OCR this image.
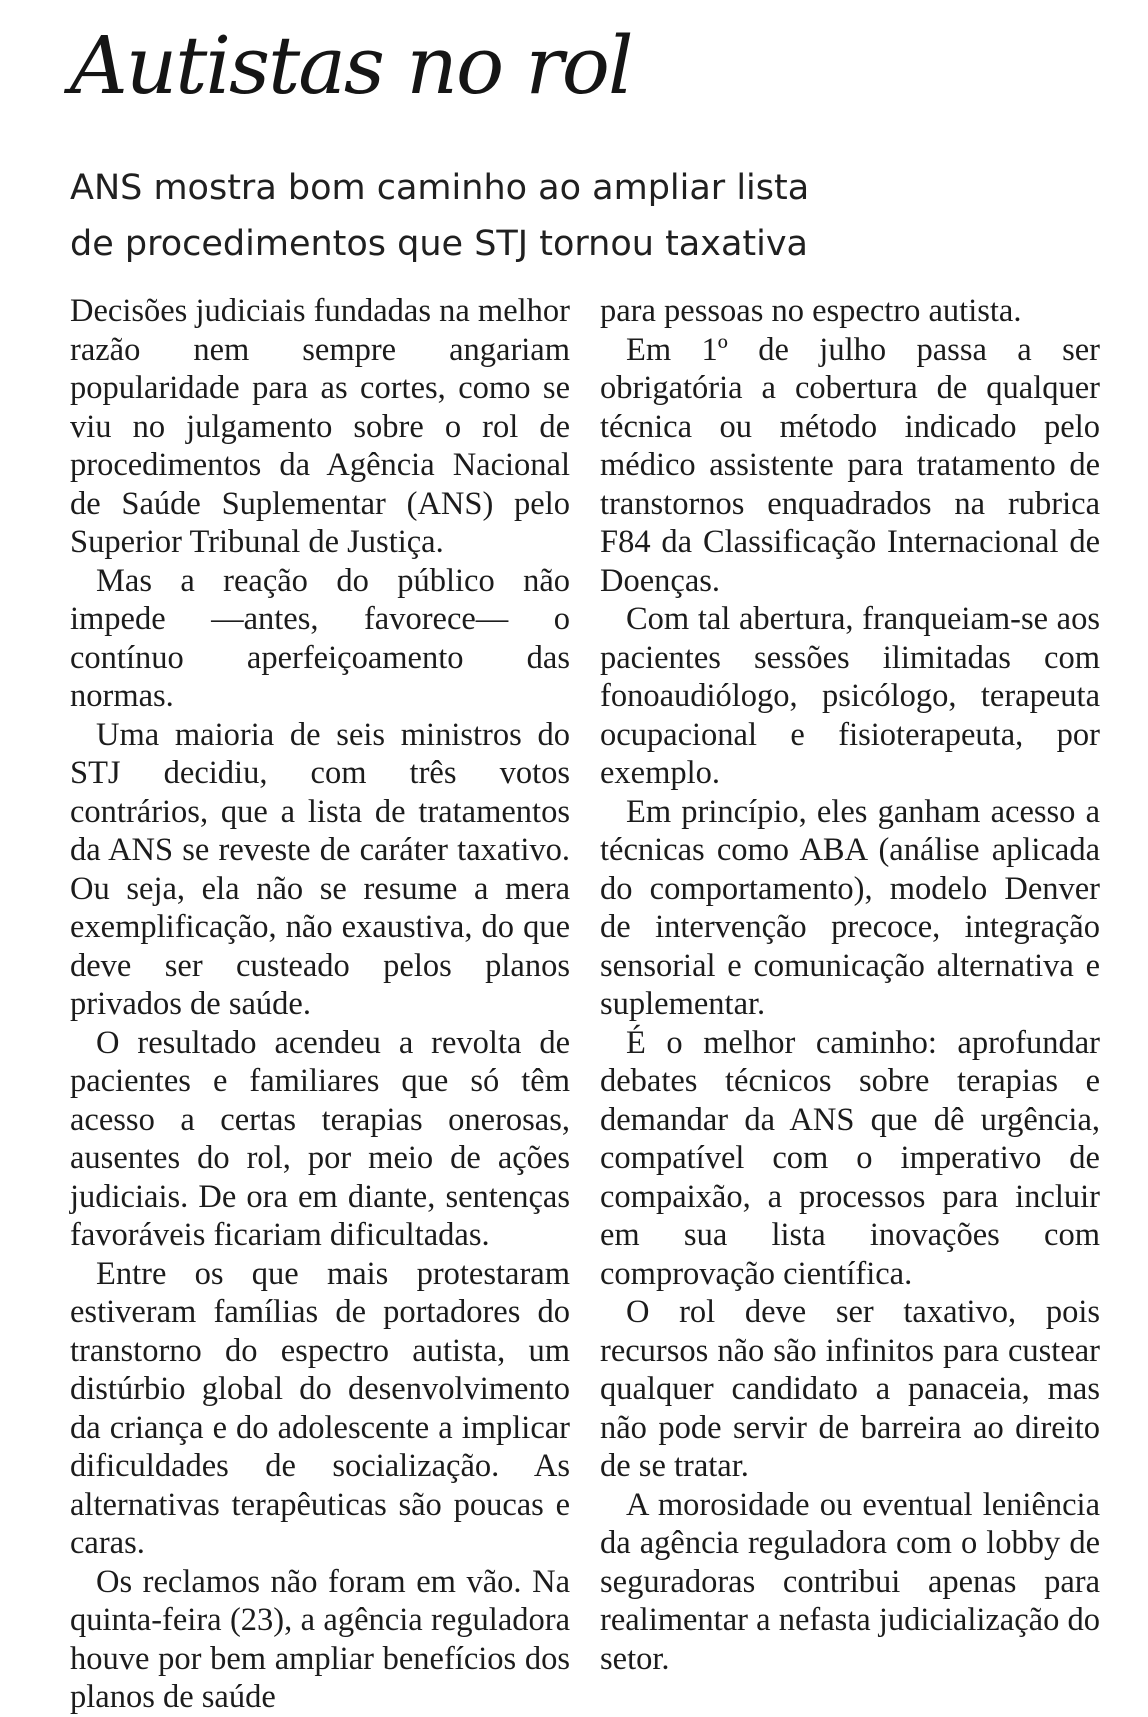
Autistas no rol
ANS mostra bom caminho ao ampliar lista
de procedimentos que STJ tornou taxativa

Decisões judiciais fundadas na melhor razão nem sempre angariam popularidade para as cortes, como se viu no julgamento sobre o rol de procedimentos da Agência Nacional de Saúde Suplementar (ANS) pelo Superior Tribunal de Justiça.

Mas a reação do público não impede —antes, favorece— o contínuo aperfeiçoamento das normas.

Uma maioria de seis ministros do STJ decidiu, com três votos contrários, que a lista de tratamentos da ANS se reveste de caráter taxativo. Ou seja, ela não se resume a mera exemplificação, não exaustiva, do que deve ser custeado pelos planos privados de saúde.

O resultado acendeu a revolta de pacientes e familiares que só têm acesso a certas terapias onerosas, ausentes do rol, por meio de ações judiciais. De ora em diante, sentenças favoráveis ficariam dificultadas.

Entre os que mais protestaram estiveram famílias de portadores do transtorno do espectro autista, um distúrbio global do desenvolvimento da criança e do adolescente a implicar dificuldades de socialização. As alternativas terapêuticas são poucas e caras.

Os reclamos não foram em vão. Na quinta-feira (23), a agência reguladora houve por bem ampliar benefícios dos planos de saúde

para pessoas no espectro autista.

Em 1º de julho passa a ser obrigatória a cobertura de qualquer técnica ou método indicado pelo médico assistente para tratamento de transtornos enquadrados na rubrica F84 da Classificação Internacional de Doenças.

Com tal abertura, franqueiam-se aos pacientes sessões ilimitadas com fonoaudiólogo, psicólogo, terapeuta ocupacional e fisioterapeuta, por exemplo.

Em princípio, eles ganham acesso a técnicas como ABA (análise aplicada do comportamento), modelo Denver de intervenção precoce, integração sensorial e comunicação alternativa e suplementar.

É o melhor caminho: aprofundar debates técnicos sobre terapias e demandar da ANS que dê urgência, compatível com o imperativo de compaixão, a processos para incluir em sua lista inovações com comprovação científica.

O rol deve ser taxativo, pois recursos não são infinitos para custear qualquer candidato a panaceia, mas não pode servir de barreira ao direito de se tratar.

A morosidade ou eventual leniência da agência reguladora com o lobby de seguradoras contribui apenas para realimentar a nefasta judicialização do setor.
